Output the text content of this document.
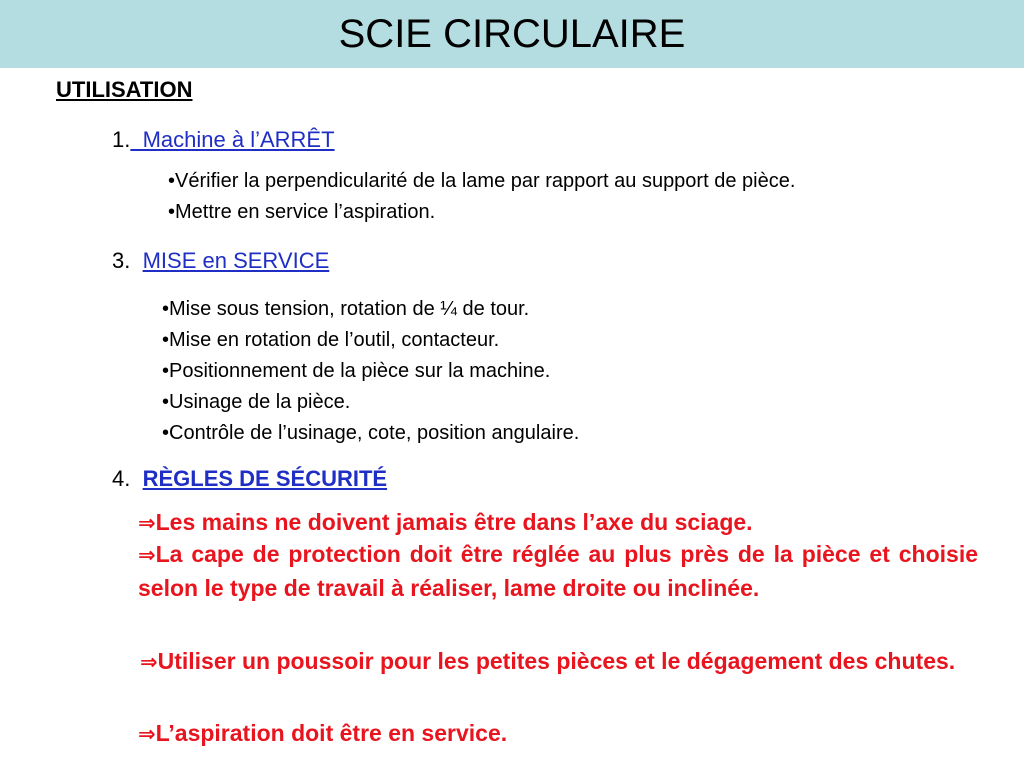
SCIE CIRCULAIRE
UTILISATION
1.  Machine à l’ARRÊT
• Vérifier la perpendicularité de la lame par rapport au support de pièce.
• Mettre en service l’aspiration.
3. MISE en SERVICE
• Mise sous tension, rotation de ¼ de tour.
• Mise en rotation de l’outil, contacteur.
• Positionnement de la pièce sur la machine.
• Usinage de la pièce.
• Contrôle de l’usinage, cote, position angulaire.
4. RÈGLES DE SÉCURITÉ

⇒Les mains ne doivent jamais être dans l’axe du sciage.

⇒La cape de protection doit être réglée au plus près de la pièce et choisie selon le type de travail à réaliser, lame droite ou inclinée.

⇒Utiliser un poussoir pour les petites pièces et le dégagement des chutes.

⇒L’aspiration doit être en service.
